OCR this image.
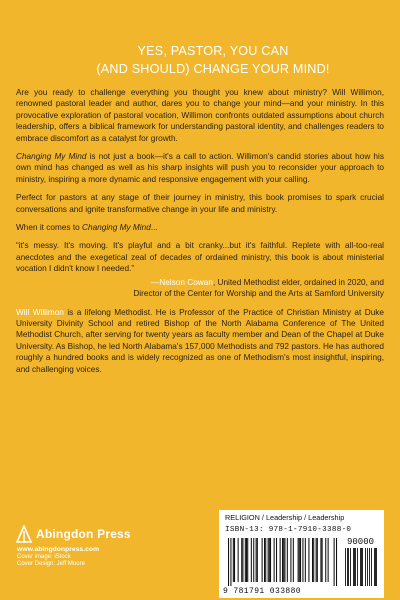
YES, PASTOR, YOU CAN
(AND SHOULD) CHANGE YOUR MIND!

Are you ready to challenge everything you thought you knew about ministry? Will Willimon, renowned pastoral leader and author, dares you to change your mind—and your ministry. In this provocative exploration of pastoral vocation, Willimon confronts outdated assumptions about church leadership, offers a biblical framework for understanding pastoral identity, and challenges readers to embrace discomfort as a catalyst for growth.

Changing My Mind is not just a book—it's a call to action. Willimon's candid stories about how his own mind has changed as well as his sharp insights will push you to reconsider your approach to ministry, inspiring a more dynamic and responsive engagement with your calling.

Perfect for pastors at any stage of their journey in ministry, this book promises to spark crucial conversations and ignite transformative change in your life and ministry.

When it comes to Changing My Mind...

“it's messy. It's moving. It's playful and a bit cranky...but it's faithful. Replete with all-too-real anecdotes and the exegetical zeal of decades of ordained ministry, this book is about ministerial vocation I didn't know I needed.”

—Nelson Cowan, United Methodist elder, ordained in 2020, and
Director of the Center for Worship and the Arts at Samford University

Will Willimon is a lifelong Methodist. He is Professor of the Practice of Christian Ministry at Duke University Divinity School and retired Bishop of the North Alabama Conference of The United Methodist Church, after serving for twenty years as faculty member and Dean of the Chapel at Duke University. As Bishop, he led North Alabama's 157,000 Methodists and 792 pastors. He has authored roughly a hundred books and is widely recognized as one of Methodism's most insightful, inspiring, and challenging voices.

Abingdon Press
www.abingdonpress.com
Cover image: iStock
Cover Design: Jeff Moore
RELIGION / Leadership / Leadership
ISBN-13: 978-1-7910-3388-0
90000
9 781791 033880
